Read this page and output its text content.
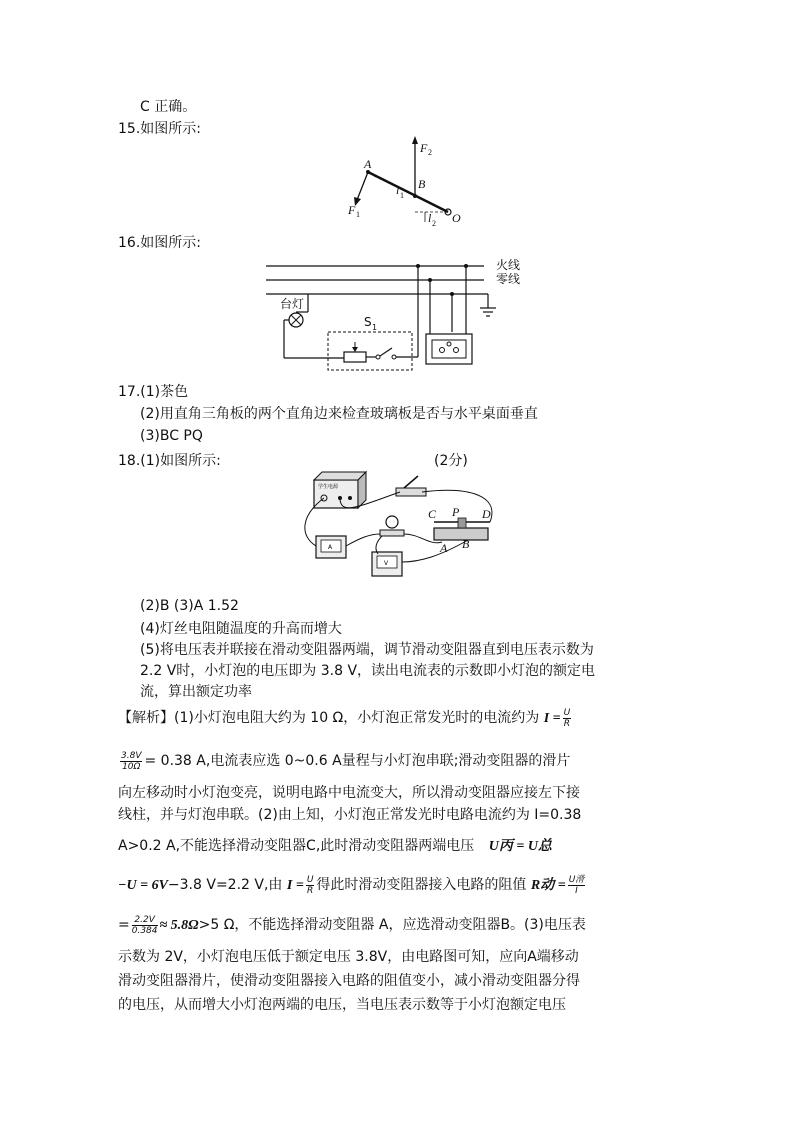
C 正确。
15.如图所示:
A
B
O
F 2
F 1
l 1
l 2
16.如图所示:
火线
零线
台灯
S 1
17.(1)茶色
(2)用直角三角板的两个直角边来检查玻璃板是否与水平桌面垂直
(3)BC PQ
18.(1)如图所示:	(2分)
学生电源
A
V
C P D
A B
(2)B (3)A 1.52
(4)灯丝电阻随温度的升高而增大
(5)将电压表并联接在滑动变阻器两端，调节滑动变阻器直到电压表示数为
2.2 V时，小灯泡的电压即为 3.8 V，读出电流表的示数即小灯泡的额定电
流，算出额定功率
【解析】(1)小灯泡电阻大约为 10 Ω，小灯泡正常发光时的电流约为 $I = \frac{U}{R}$
$\frac{3.8V}{10\Omega} = 0.38$ A,电流表应选 0~0.6 A量程与小灯泡串联;滑动变阻器的滑片
向左移动时小灯泡变亮，说明电路中电流变大，所以滑动变阻器应接左下接
线柱，并与灯泡串联。(2)由上知，小灯泡正常发光时电路电流约为 I=0.38
A>0.2 A,不能选择滑动变阻器C,此时滑动变阻器两端电压 U丙 = U总
−U = 6V−3.8 V=2.2 V,由 $I = \frac{U}{R}$ 得此时滑动变阻器接入电路的阻值 R动 = $\frac{\text{U滑}}{I}$
= $\frac{2.2V}{0.384} \approx 5.8\Omega>5$ Ω，不能选择滑动变阻器 A，应选滑动变阻器B。(3)电压表
示数为 2V，小灯泡电压低于额定电压 3.8V，由电路图可知，应向A端移动
滑动变阻器滑片，使滑动变阻器接入电路的阻值变小，减小滑动变阻器分得
的电压，从而增大小灯泡两端的电压，当电压表示数等于小灯泡额定电压
